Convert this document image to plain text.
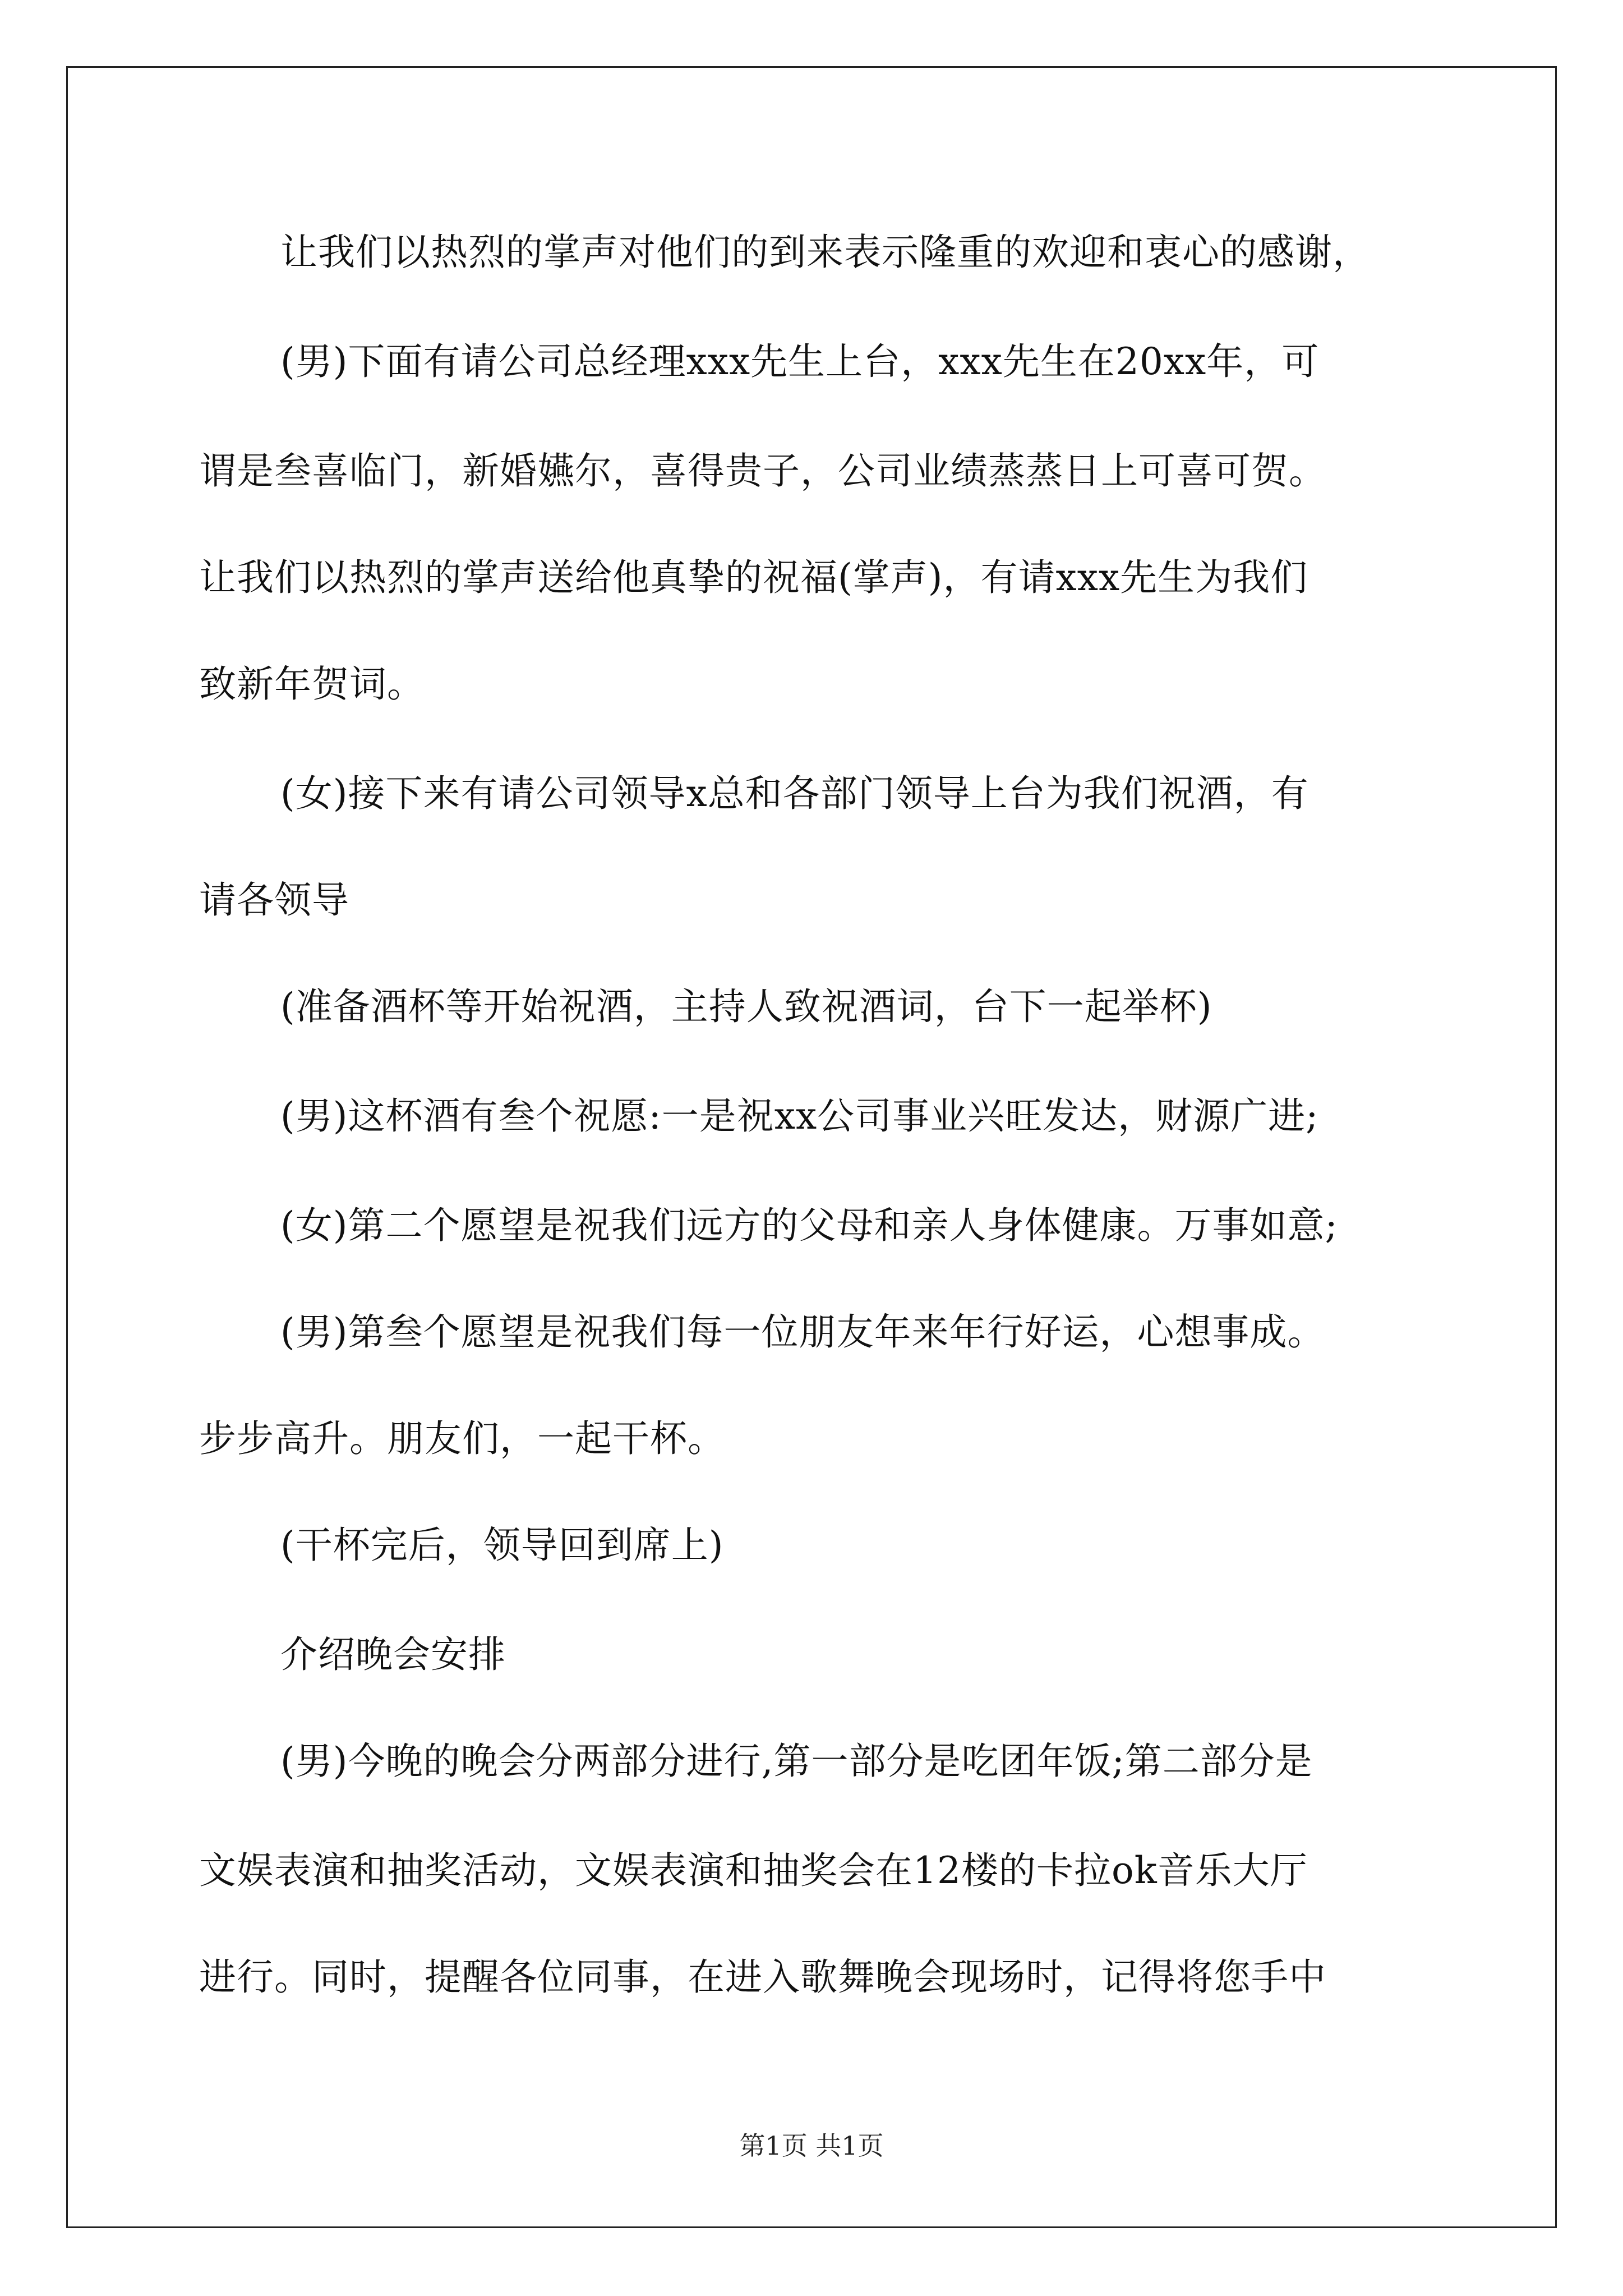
让我们以热烈的掌声对他们的到来表示隆重的欢迎和衷心的感谢，
(男)下面有请公司总经理xxx先生上台，xxx先生在20xx年，可
谓是叁喜临门，新婚嬿尔，喜得贵子，公司业绩蒸蒸日上可喜可贺。
让我们以热烈的掌声送给他真挚的祝福(掌声)，有请xxx先生为我们
致新年贺词。
(女)接下来有请公司领导x总和各部门领导上台为我们祝酒，有
请各领导
(准备酒杯等开始祝酒，主持人致祝酒词，台下一起举杯)
(男)这杯酒有叁个祝愿:一是祝xx公司事业兴旺发达，财源广进;
(女)第二个愿望是祝我们远方的父母和亲人身体健康。万事如意;
(男)第叁个愿望是祝我们每一位朋友年来年行好运，心想事成。
步步高升。朋友们，一起干杯。
(干杯完后，领导回到席上)
介绍晚会安排
(男)今晚的晚会分两部分进行,第一部分是吃团年饭;第二部分是
文娱表演和抽奖活动，文娱表演和抽奖会在12楼的卡拉ok音乐大厅
进行。同时，提醒各位同事，在进入歌舞晚会现场时，记得将您手中
第1页 共1页
